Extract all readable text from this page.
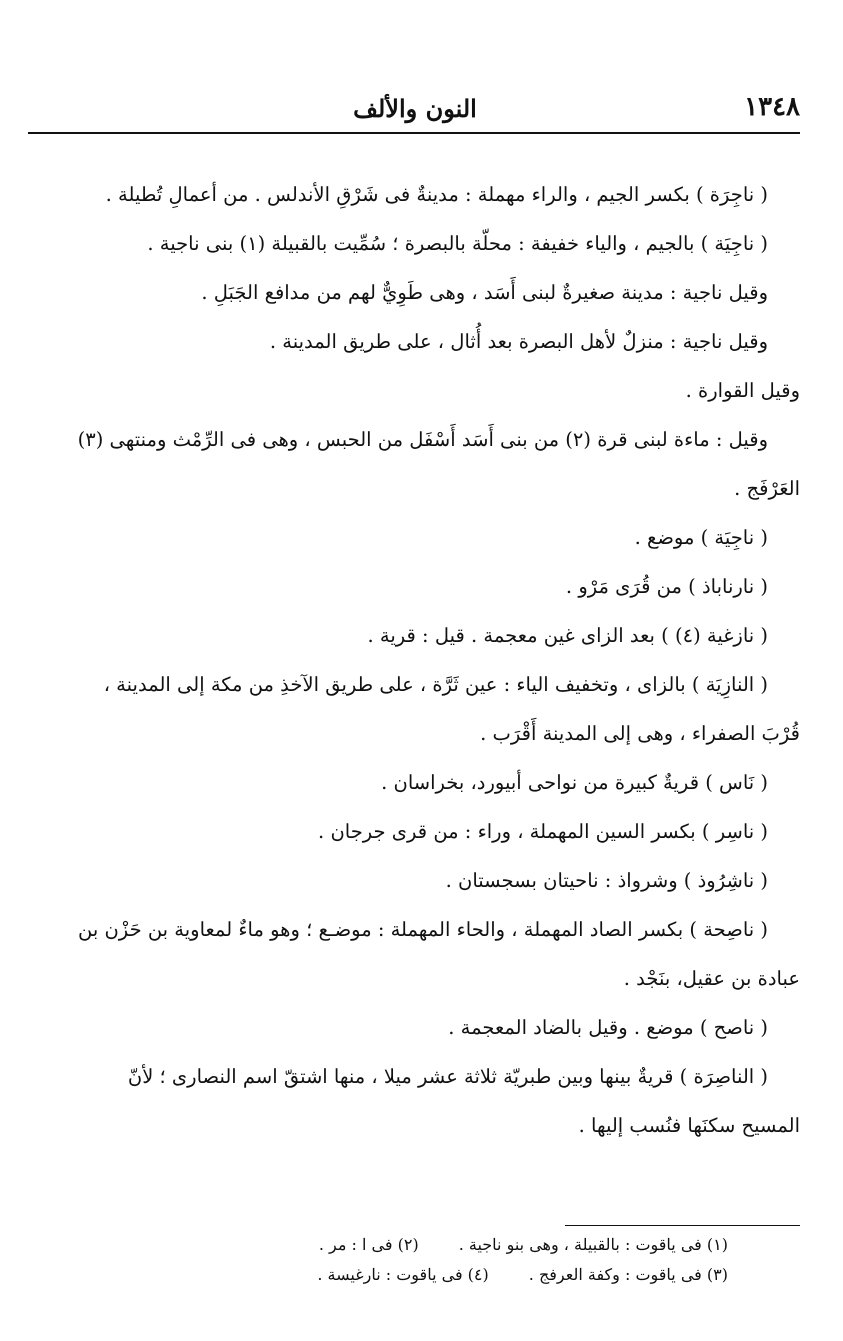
١٣٤٨
النون والألف

( ناجِرَة ) بكسر الجيم ، والراء مهملة : مدينةٌ فى شَرْقِ الأندلس . من أعمالِ تُطيلة .

( ناجِيَة ) بالجيم ، والياء خفيفة : محلّة بالبصرة ؛ سُمِّيت بالقبيلة (١) بنى ناجية .

وقيل ناجية : مدينة صغيرةٌ لبنى أَسَد ، وهى طَوِيٌّ لهم من مدافع الجَبَلِ .

وقيل ناجية : منزلٌ لأهل البصرة بعد أُثال ، على طريق المدينة .

وقيل القوارة .

وقيل : ماءة لبنى قرة (٢) من بنى أَسَد أَسْفَل من الحبس ، وهى فى الرِّمْث ومنتهى (٣)

العَرْفَج .

( ناجِيَة ) موضع .

( نارناباذ ) من قُرَى مَرْو .

( نازغية (٤) ) بعد الزاى غين معجمة . قيل : قرية .

( النازِيَة ) بالزاى ، وتخفيف الياء : عين ثَرَّة ، على طريق الآخذِ من مكة إلى المدينة ،

قُرْبَ الصفراء ، وهى إلى المدينة أَقْرَب .

( نَاس ) قريةٌ كبيرة من نواحى أبيورد، بخراسان .

( ناسِر ) بكسر السين المهملة ، وراء : من قرى جرجان .

( ناشِرُوذ ) وشرواذ : ناحيتان بسجستان .

( ناصِحة ) بكسر الصاد المهملة ، والحاء المهملة : موضـع ؛ وهو ماءٌ لمعاوية بن حَزْن بن

عبادة بن عقيل، بنَجْد .

( ناصح ) موضع . وقيل بالضاد المعجمة .

( الناصِرَة ) قريةٌ بينها وبين طبريّة ثلاثة عشر ميلا ، منها اشتقّ اسم النصارى ؛ لأنّ

المسيح سكنَها فنُسب إليها .

(١) فى ياقوت : بالقبيلة ، وهى بنو ناجية .(٢) فى ا : مر .

(٣) فى ياقوت : وكفة العرفج .(٤) فى ياقوت : نارغيسة .
